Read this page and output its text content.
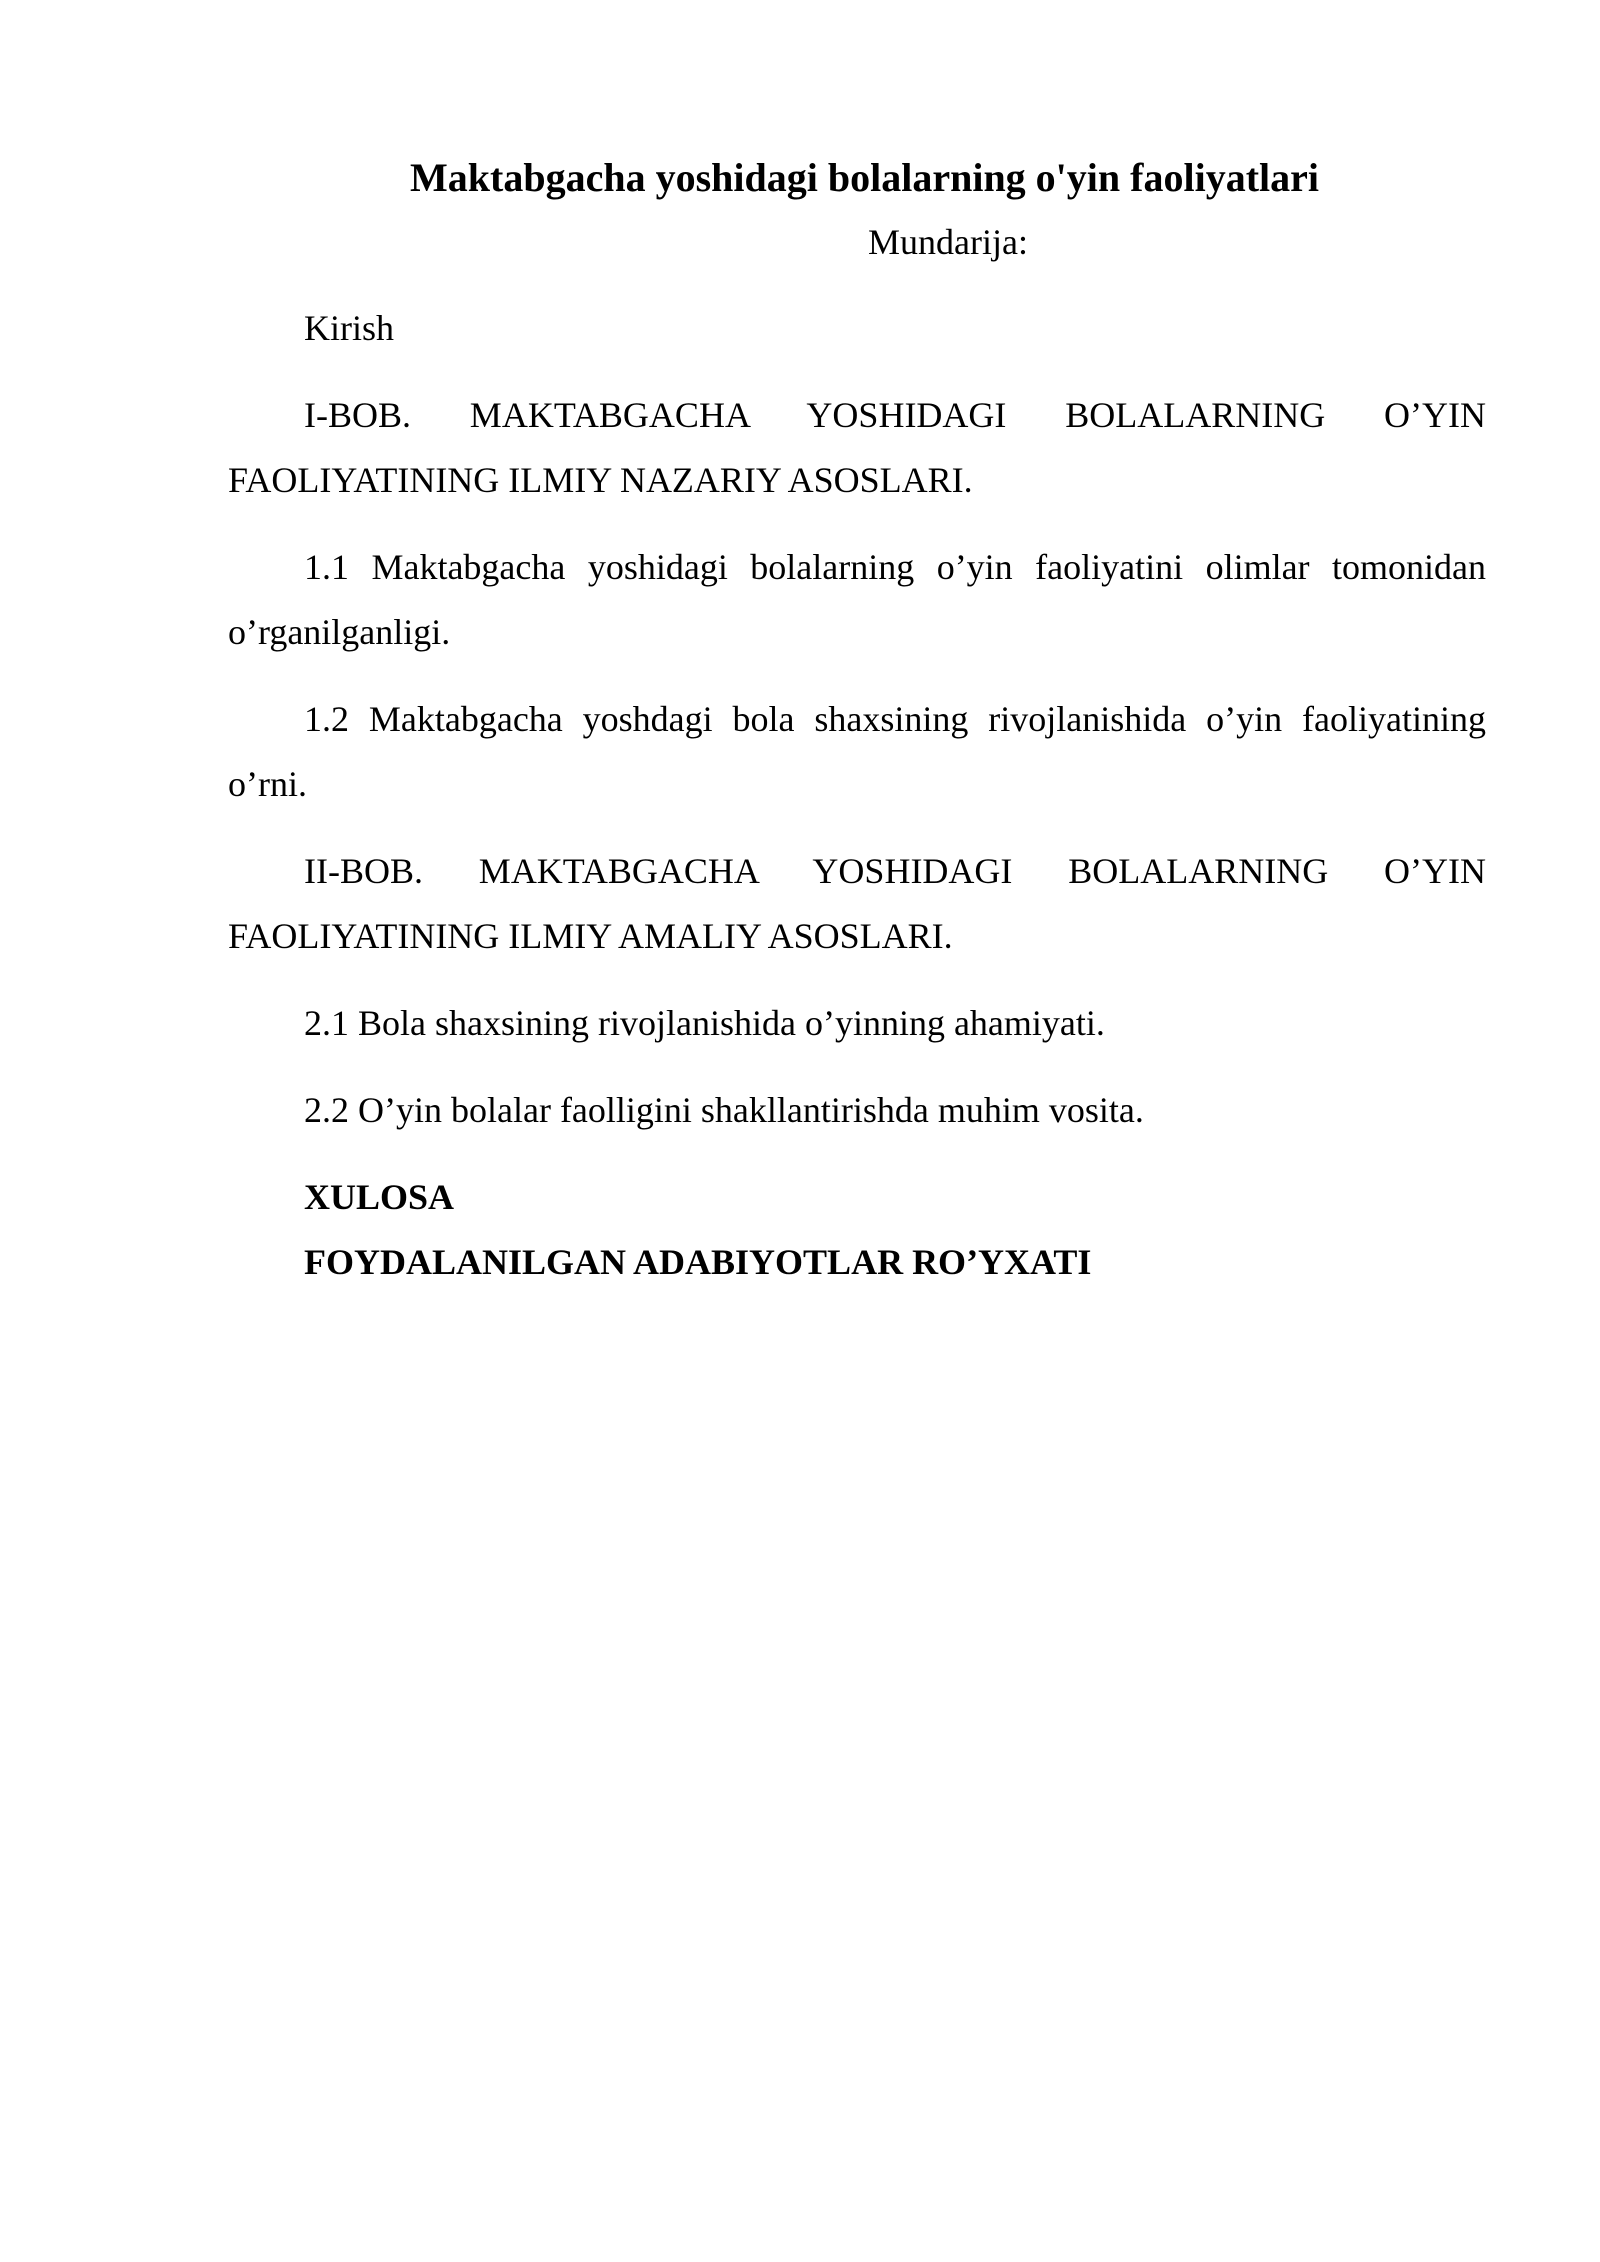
Maktabgacha yoshidagi bolalarning o'yin faoliyatlari
Mundarija:

Kirish

I-BOB. MAKTABGACHA YOSHIDAGI BOLALARNING O’YIN FAOLIYATINING ILMIY NAZARIY ASOSLARI.

1.1 Maktabgacha yoshidagi bolalarning o’yin faoliyatini olimlar tomonidan o’rganilganligi.

1.2 Maktabgacha yoshdagi bola shaxsining rivojlanishida o’yin faoliyatining o’rni.

II-BOB. MAKTABGACHA YOSHIDAGI BOLALARNING O’YIN FAOLIYATINING ILMIY AMALIY ASOSLARI.

2.1 Bola shaxsining rivojlanishida o’yinning ahamiyati.

2.2 O’yin bolalar faolligini shakllantirishda muhim vosita.

XULOSA

FOYDALANILGAN ADABIYOTLAR RO’YXATI
